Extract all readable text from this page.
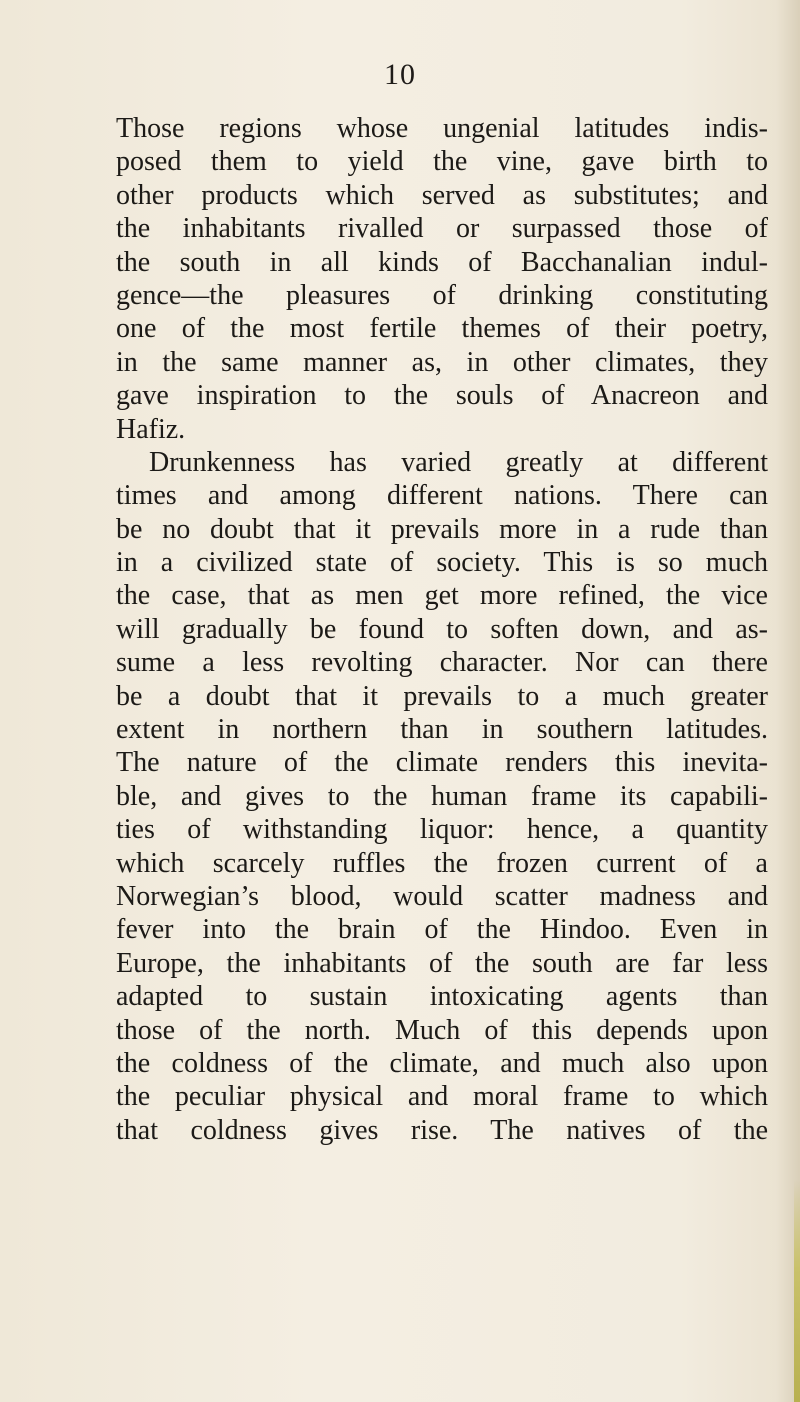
10
Those regions whose ungenial latitudes indis-
posed them to yield the vine, gave birth to
other products which served as substitutes; and
the inhabitants rivalled or surpassed those of
the south in all kinds of Bacchanalian indul-
gence—the pleasures of drinking constituting
one of the most fertile themes of their poetry,
in the same manner as, in other climates, they
gave inspiration to the souls of Anacreon and
Hafiz.
Drunkenness has varied greatly at different
times and among different nations. There can
be no doubt that it prevails more in a rude than
in a civilized state of society. This is so much
the case, that as men get more refined, the vice
will gradually be found to soften down, and as-
sume a less revolting character. Nor can there
be a doubt that it prevails to a much greater
extent in northern than in southern latitudes.
The nature of the climate renders this inevita-
ble, and gives to the human frame its capabili-
ties of withstanding liquor: hence, a quantity
which scarcely ruffles the frozen current of a
Norwegian’s blood, would scatter madness and
fever into the brain of the Hindoo. Even in
Europe, the inhabitants of the south are far less
adapted to sustain intoxicating agents than
those of the north. Much of this depends upon
the coldness of the climate, and much also upon
the peculiar physical and moral frame to which
that coldness gives rise. The natives of the
